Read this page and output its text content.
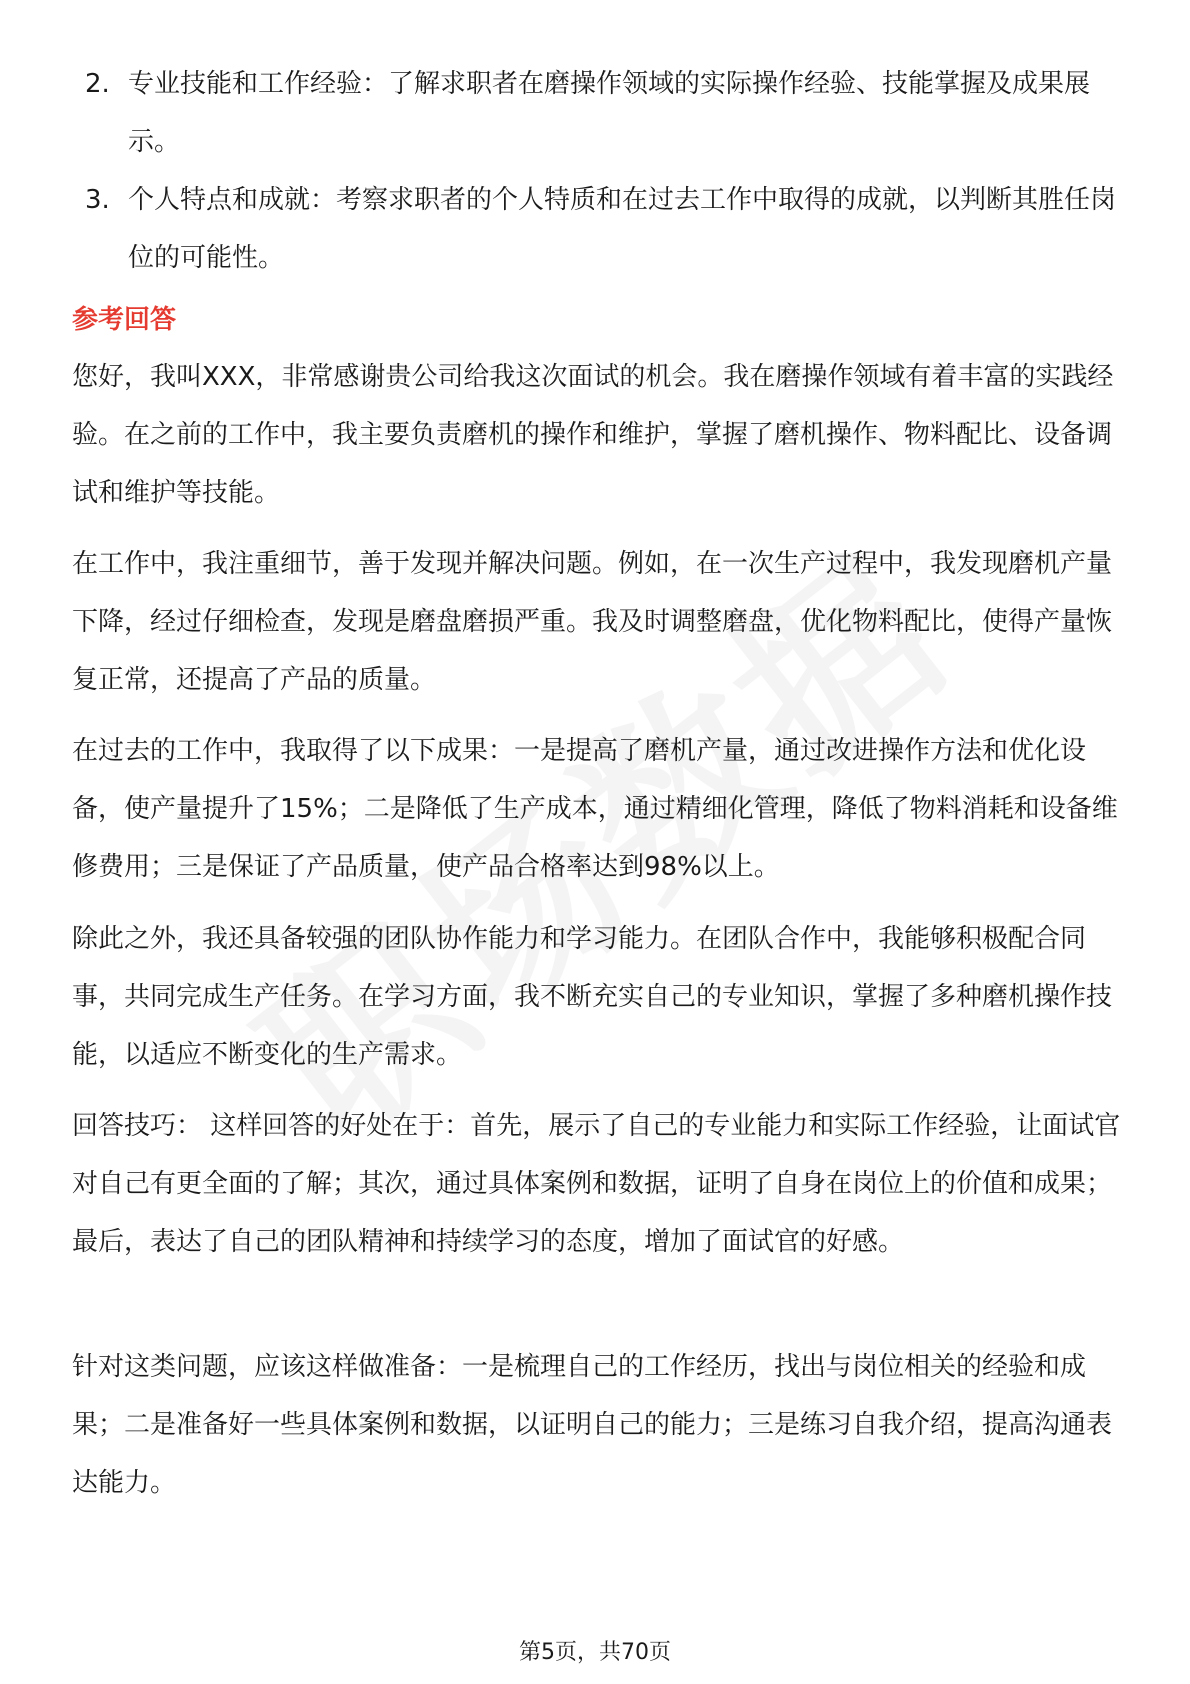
2. 专业技能和工作经验：了解求职者在磨操作领域的实际操作经验、技能掌握及成果展示。
3. 个人特点和成就：考察求职者的个人特质和在过去工作中取得的成就，以判断其胜任岗位的可能性。
参考回答
您好，我叫XXX，非常感谢贵公司给我这次面试的机会。我在磨操作领域有着丰富的实践经验。在之前的工作中，我主要负责磨机的操作和维护，掌握了磨机操作、物料配比、设备调试和维护等技能。
在工作中，我注重细节，善于发现并解决问题。例如，在一次生产过程中，我发现磨机产量下降，经过仔细检查，发现是磨盘磨损严重。我及时调整磨盘，优化物料配比，使得产量恢复正常，还提高了产品的质量。
在过去的工作中，我取得了以下成果：一是提高了磨机产量，通过改进操作方法和优化设备，使产量提升了15%；二是降低了生产成本，通过精细化管理，降低了物料消耗和设备维修费用；三是保证了产品质量，使产品合格率达到98%以上。
除此之外，我还具备较强的团队协作能力和学习能力。在团队合作中，我能够积极配合同事，共同完成生产任务。在学习方面，我不断充实自己的专业知识，掌握了多种磨机操作技能，以适应不断变化的生产需求。
回答技巧： 这样回答的好处在于：首先，展示了自己的专业能力和实际工作经验，让面试官对自己有更全面的了解；其次，通过具体案例和数据，证明了自身在岗位上的价值和成果；最后，表达了自己的团队精神和持续学习的态度，增加了面试官的好感。
针对这类问题，应该这样做准备：一是梳理自己的工作经历，找出与岗位相关的经验和成果；二是准备好一些具体案例和数据，以证明自己的能力；三是练习自我介绍，提高沟通表达能力。
第5页，共70页
